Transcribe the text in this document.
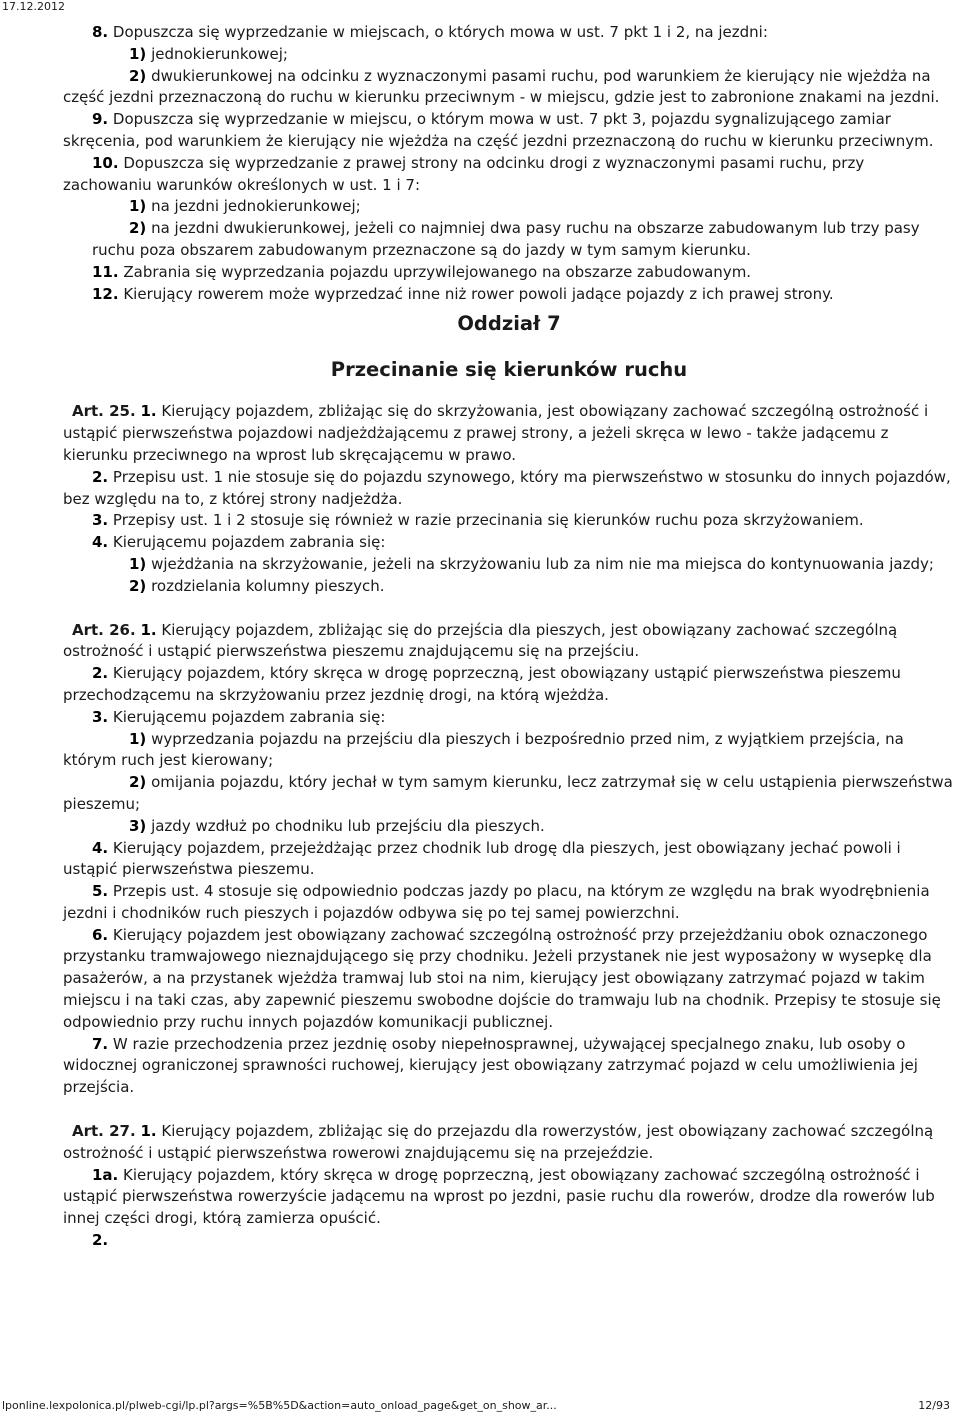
17.12.2012

8. Dopuszcza się wyprzedzanie w miejscach, o których mowa w ust. 7 pkt 1 i 2, na jezdni:

1) jednokierunkowej;

2) dwukierunkowej na odcinku z wyznaczonymi pasami ruchu, pod warunkiem że kierujący nie wjeżdża na część jezdni przeznaczoną do ruchu w kierunku przeciwnym - w miejscu, gdzie jest to zabronione znakami na jezdni.

9. Dopuszcza się wyprzedzanie w miejscu, o którym mowa w ust. 7 pkt 3, pojazdu sygnalizującego zamiar skręcenia, pod warunkiem że kierujący nie wjeżdża na część jezdni przeznaczoną do ruchu w kierunku przeciwnym.

10. Dopuszcza się wyprzedzanie z prawej strony na odcinku drogi z wyznaczonymi pasami ruchu, przy zachowaniu warunków określonych w ust. 1 i 7:

1) na jezdni jednokierunkowej;

2) na jezdni dwukierunkowej, jeżeli co najmniej dwa pasy ruchu na obszarze zabudowanym lub trzy pasy ruchu poza obszarem zabudowanym przeznaczone są do jazdy w tym samym kierunku.

11. Zabrania się wyprzedzania pojazdu uprzywilejowanego na obszarze zabudowanym.

12. Kierujący rowerem może wyprzedzać inne niż rower powoli jadące pojazdy z ich prawej strony.

Oddział 7

Przecinanie się kierunków ruchu

Art. 25. 1. Kierujący pojazdem, zbliżając się do skrzyżowania, jest obowiązany zachować szczególną ostrożność i ustąpić pierwszeństwa pojazdowi nadjeżdżającemu z prawej strony, a jeżeli skręca w lewo - także jadącemu z kierunku przeciwnego na wprost lub skręcającemu w prawo.

2. Przepisu ust. 1 nie stosuje się do pojazdu szynowego, który ma pierwszeństwo w stosunku do innych pojazdów, bez względu na to, z której strony nadjeżdża.

3. Przepisy ust. 1 i 2 stosuje się również w razie przecinania się kierunków ruchu poza skrzyżowaniem.

4. Kierującemu pojazdem zabrania się:

1) wjeżdżania na skrzyżowanie, jeżeli na skrzyżowaniu lub za nim nie ma miejsca do kontynuowania jazdy;

2) rozdzielania kolumny pieszych.

Art. 26. 1. Kierujący pojazdem, zbliżając się do przejścia dla pieszych, jest obowiązany zachować szczególną ostrożność i ustąpić pierwszeństwa pieszemu znajdującemu się na przejściu.

2. Kierujący pojazdem, który skręca w drogę poprzeczną, jest obowiązany ustąpić pierwszeństwa pieszemu przechodzącemu na skrzyżowaniu przez jezdnię drogi, na którą wjeżdża.

3. Kierującemu pojazdem zabrania się:

1) wyprzedzania pojazdu na przejściu dla pieszych i bezpośrednio przed nim, z wyjątkiem przejścia, na którym ruch jest kierowany;

2) omijania pojazdu, który jechał w tym samym kierunku, lecz zatrzymał się w celu ustąpienia pierwszeństwa pieszemu;

3) jazdy wzdłuż po chodniku lub przejściu dla pieszych.

4. Kierujący pojazdem, przejeżdżając przez chodnik lub drogę dla pieszych, jest obowiązany jechać powoli i ustąpić pierwszeństwa pieszemu.

5. Przepis ust. 4 stosuje się odpowiednio podczas jazdy po placu, na którym ze względu na brak wyodrębnienia jezdni i chodników ruch pieszych i pojazdów odbywa się po tej samej powierzchni.

6. Kierujący pojazdem jest obowiązany zachować szczególną ostrożność przy przejeżdżaniu obok oznaczonego przystanku tramwajowego nieznajdującego się przy chodniku. Jeżeli przystanek nie jest wyposażony w wysepkę dla pasażerów, a na przystanek wjeżdża tramwaj lub stoi na nim, kierujący jest obowiązany zatrzymać pojazd w takim miejscu i na taki czas, aby zapewnić pieszemu swobodne dojście do tramwaju lub na chodnik. Przepisy te stosuje się odpowiednio przy ruchu innych pojazdów komunikacji publicznej.

7. W razie przechodzenia przez jezdnię osoby niepełnosprawnej, używającej specjalnego znaku, lub osoby o widocznej ograniczonej sprawności ruchowej, kierujący jest obowiązany zatrzymać pojazd w celu umożliwienia jej przejścia.

Art. 27. 1. Kierujący pojazdem, zbliżając się do przejazdu dla rowerzystów, jest obowiązany zachować szczególną ostrożność i ustąpić pierwszeństwa rowerowi znajdującemu się na przejeździe.

1a. Kierujący pojazdem, który skręca w drogę poprzeczną, jest obowiązany zachować szczególną ostrożność i ustąpić pierwszeństwa rowerzyście jadącemu na wprost po jezdni, pasie ruchu dla rowerów, drodze dla rowerów lub innej części drogi, którą zamierza opuścić.

2.

lponline.lexpolonica.pl/plweb-cgi/lp.pl?args=%5B%5D&action=auto_onload_page&get_on_show_ar...	12/93
